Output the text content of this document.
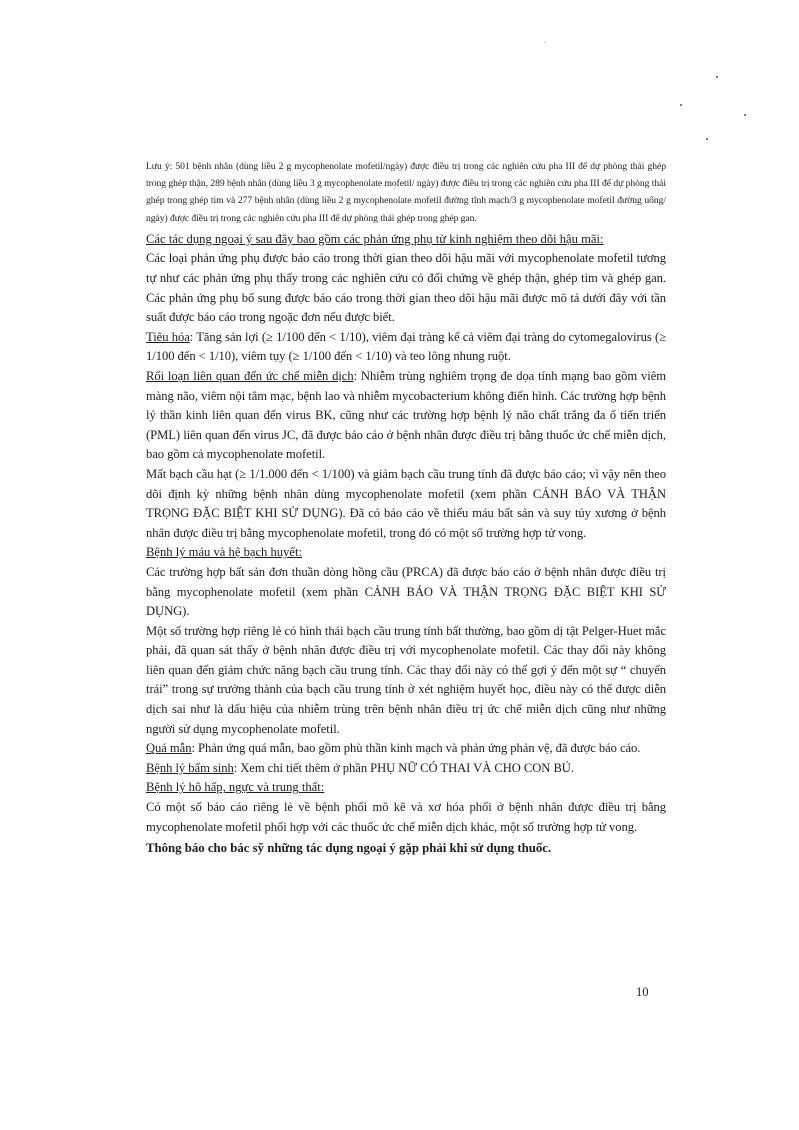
Lưu ý: 501 bệnh nhân (dùng liều 2 g mycophenolate mofetil/ngày) được điều trị trong các nghiên cứu pha III để dự phòng thải ghép trong ghép thận, 289 bệnh nhân (dùng liều 3 g mycophenolate mofetil/ ngày) được điều trị trong các nghiên cứu pha III để dự phòng thải ghép trong ghép tim và 277 bệnh nhân (dùng liều 2 g mycophenolate mofetil đường tĩnh mạch/3 g mycophenolate mofetil đường uống/ ngày) được điều trị trong các nghiên cứu pha III để dự phòng thải ghép trong ghép gan.

Các tác dụng ngoại ý sau đây bao gồm các phản ứng phụ từ kinh nghiệm theo dõi hậu mãi:

Các loại phản ứng phụ được báo cáo trong thời gian theo dõi hậu mãi với mycophenolate mofetil tương tự như các phản ứng phụ thấy trong các nghiên cứu có đối chứng về ghép thận, ghép tim và ghép gan. Các phản ứng phụ bổ sung được báo cáo trong thời gian theo dõi hậu mãi được mô tả dưới đây với tần suất được báo cáo trong ngoặc đơn nếu được biết.

Tiêu hóa: Tăng sản lợi (≥ 1/100 đến < 1/10), viêm đại tràng kể cả viêm đại tràng do cytomegalovirus (≥ 1/100 đến < 1/10), viêm tụy (≥ 1/100 đến < 1/10) và teo lông nhung ruột.

Rối loạn liên quan đến ức chế miễn dịch: Nhiễm trùng nghiêm trọng đe dọa tính mạng bao gồm viêm màng não, viêm nội tâm mạc, bệnh lao và nhiễm mycobacterium không điển hình. Các trường hợp bệnh lý thần kinh liên quan đến virus BK, cũng như các trường hợp bệnh lý não chất trắng đa ổ tiến triển (PML) liên quan đến virus JC, đã được báo cáo ở bệnh nhân được điều trị bằng thuốc ức chế miễn dịch, bao gồm cả mycophenolate mofetil.

Mất bạch cầu hạt (≥ 1/1.000 đến < 1/100) và giảm bạch cầu trung tính đã được báo cáo; vì vậy nên theo dõi định kỳ những bệnh nhân dùng mycophenolate mofetil (xem phần CẢNH BÁO VÀ THẬN TRỌNG ĐẶC BIỆT KHI SỬ DỤNG). Đã có báo cáo về thiếu máu bất sản và suy tủy xương ở bệnh nhân được điều trị bằng mycophenolate mofetil, trong đó có một số trường hợp tử vong.

Bệnh lý máu và hệ bạch huyết:

Các trường hợp bất sản đơn thuần dòng hồng cầu (PRCA) đã được báo cáo ở bệnh nhân được điều trị bằng mycophenolate mofetil (xem phần CẢNH BÁO VÀ THẬN TRỌNG ĐẶC BIỆT KHI SỬ DỤNG).

Một số trường hợp riêng lẻ có hình thái bạch cầu trung tính bất thường, bao gồm dị tật Pelger-Huet mắc phải, đã quan sát thấy ở bệnh nhân được điều trị với mycophenolate mofetil. Các thay đổi này không liên quan đến giảm chức năng bạch cầu trung tính. Các thay đổi này có thể gợi ý đến một sự “ chuyển trái” trong sự trưởng thành của bạch cầu trung tính ở xét nghiệm huyết học, điều này có thể được diễn dịch sai như là dấu hiệu của nhiễm trùng trên bệnh nhân điều trị ức chế miễn dịch cũng như những người sử dụng mycophenolate mofetil.

Quá mẫn: Phản ứng quá mẫn, bao gồm phù thần kinh mạch và phản ứng phản vệ, đã được báo cáo.

Bệnh lý bẩm sinh: Xem chi tiết thêm ở phần PHỤ NỮ CÓ THAI VÀ CHO CON BÚ.

Bệnh lý hô hấp, ngực và trung thất:

Có một số báo cáo riêng lẻ về bệnh phổi mô kẽ và xơ hóa phổi ở bệnh nhân được điều trị bằng mycophenolate mofetil phối hợp với các thuốc ức chế miễn dịch khác, một số trường hợp tử vong.

Thông báo cho bác sỹ những tác dụng ngoại ý gặp phải khi sử dụng thuốc.

10
